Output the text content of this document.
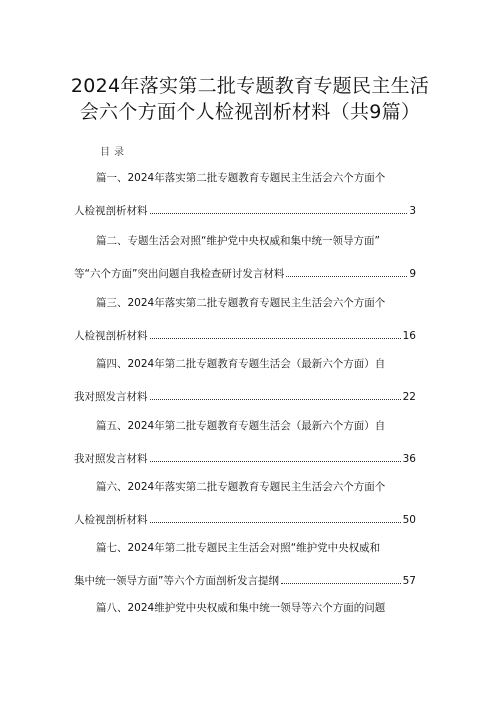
2024年落实第二批专题教育专题民主生活
会六个方面个人检视剖析材料（共9篇）
目录
篇一、2024年落实第二批专题教育专题民主生活会六个方面个
人检视剖析材料	3
篇二、专题生活会对照“维护党中央权威和集中统一领导方面”
等“六个方面”突出问题自我检查研讨发言材料	9
篇三、2024年落实第二批专题教育专题民主生活会六个方面个
人检视剖析材料	16
篇四、2024年第二批专题教育专题生活会（最新六个方面）自
我对照发言材料	22
篇五、2024年第二批专题教育专题生活会（最新六个方面）自
我对照发言材料	36
篇六、2024年落实第二批专题教育专题民主生活会六个方面个
人检视剖析材料	50
篇七、2024年第二批专题民主生活会对照“维护党中央权威和
集中统一领导方面”等六个方面剖析发言提纲	57
篇八、2024维护党中央权威和集中统一领导等六个方面的问题
